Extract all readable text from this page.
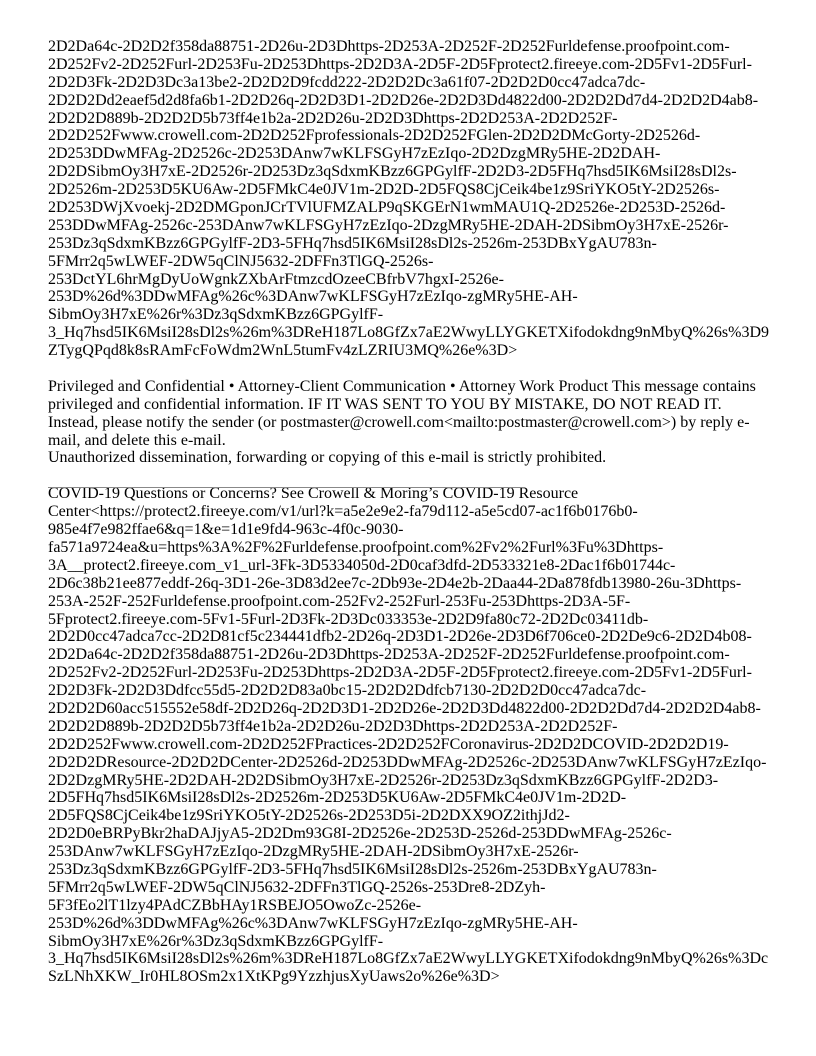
2D2Da64c-2D2D2f358da88751-2D26u-2D3Dhttps-2D253A-2D252F-2D252Furldefense.proofpoint.com-
2D252Fv2-2D252Furl-2D253Fu-2D253Dhttps-2D2D3A-2D5F-2D5Fprotect2.fireeye.com-2D5Fv1-2D5Furl-
2D2D3Fk-2D2D3Dc3a13be2-2D2D2D9fcdd222-2D2D2Dc3a61f07-2D2D2D0cc47adca7dc-
2D2D2Dd2eaef5d2d8fa6b1-2D2D26q-2D2D3D1-2D2D26e-2D2D3Dd4822d00-2D2D2Dd7d4-2D2D2D4ab8-
2D2D2D889b-2D2D2D5b73ff4e1b2a-2D2D26u-2D2D3Dhttps-2D2D253A-2D2D252F-
2D2D252Fwww.crowell.com-2D2D252Fprofessionals-2D2D252FGlen-2D2D2DMcGorty-2D2526d-
2D253DDwMFAg-2D2526c-2D253DAnw7wKLFSGyH7zEzIqo-2D2DzgMRy5HE-2D2DAH-
2D2DSibmOy3H7xE-2D2526r-2D253Dz3qSdxmKBzz6GPGylfF-2D2D3-2D5FHq7hsd5IK6MsiI28sDl2s-
2D2526m-2D253D5KU6Aw-2D5FMkC4e0JV1m-2D2D-2D5FQS8CjCeik4be1z9SriYKO5tY-2D2526s-
2D253DWjXvoekj-2D2DMGponJCrTVlUFMZALP9qSKGErN1wmMAU1Q-2D2526e-2D253D-2526d-
253DDwMFAg-2526c-253DAnw7wKLFSGyH7zEzIqo-2DzgMRy5HE-2DAH-2DSibmOy3H7xE-2526r-
253Dz3qSdxmKBzz6GPGylfF-2D3-5FHq7hsd5IK6MsiI28sDl2s-2526m-253DBxYgAU783n-
5FMrr2q5wLWEF-2DW5qClNJ5632-2DFFn3TlGQ-2526s-
253DctYL6hrMgDyUoWgnkZXbArFtmzcdOzeeCBfrbV7hgxI-2526e-
253D%26d%3DDwMFAg%26c%3DAnw7wKLFSGyH7zEzIqo-zgMRy5HE-AH-
SibmOy3H7xE%26r%3Dz3qSdxmKBzz6GPGylfF-
3_Hq7hsd5IK6MsiI28sDl2s%26m%3DReH187Lo8GfZx7aE2WwyLLYGKETXifodokdng9nMbyQ%26s%3D9
ZTygQPqd8k8sRAmFcFoWdm2WnL5tumFv4zLZRIU3MQ%26e%3D>
Privileged and Confidential • Attorney-Client Communication • Attorney Work Product This message contains
privileged and confidential information. IF IT WAS SENT TO YOU BY MISTAKE, DO NOT READ IT.
Instead, please notify the sender (or postmaster@crowell.com<mailto:postmaster@crowell.com>) by reply e-
mail, and delete this e-mail.
Unauthorized dissemination, forwarding or copying of this e-mail is strictly prohibited.
COVID-19 Questions or Concerns? See Crowell & Moring’s COVID-19 Resource
Center<https://protect2.fireeye.com/v1/url?k=a5e2e9e2-fa79d112-a5e5cd07-ac1f6b0176b0-
985e4f7e982ffae6&q=1&e=1d1e9fd4-963c-4f0c-9030-
fa571a9724ea&u=https%3A%2F%2Furldefense.proofpoint.com%2Fv2%2Furl%3Fu%3Dhttps-
3A__protect2.fireeye.com_v1_url-3Fk-3D5334050d-2D0caf3dfd-2D533321e8-2Dac1f6b01744c-
2D6c38b21ee877eddf-26q-3D1-26e-3D83d2ee7c-2Db93e-2D4e2b-2Daa44-2Da878fdb13980-26u-3Dhttps-
253A-252F-252Furldefense.proofpoint.com-252Fv2-252Furl-253Fu-253Dhttps-2D3A-5F-
5Fprotect2.fireeye.com-5Fv1-5Furl-2D3Fk-2D3Dc033353e-2D2D9fa80c72-2D2Dc03411db-
2D2D0cc47adca7cc-2D2D81cf5c234441dfb2-2D26q-2D3D1-2D26e-2D3D6f706ce0-2D2De9c6-2D2D4b08-
2D2Da64c-2D2D2f358da88751-2D26u-2D3Dhttps-2D253A-2D252F-2D252Furldefense.proofpoint.com-
2D252Fv2-2D252Furl-2D253Fu-2D253Dhttps-2D2D3A-2D5F-2D5Fprotect2.fireeye.com-2D5Fv1-2D5Furl-
2D2D3Fk-2D2D3Ddfcc55d5-2D2D2D83a0bc15-2D2D2Ddfcb7130-2D2D2D0cc47adca7dc-
2D2D2D60acc515552e58df-2D2D26q-2D2D3D1-2D2D26e-2D2D3Dd4822d00-2D2D2Dd7d4-2D2D2D4ab8-
2D2D2D889b-2D2D2D5b73ff4e1b2a-2D2D26u-2D2D3Dhttps-2D2D253A-2D2D252F-
2D2D252Fwww.crowell.com-2D2D252FPractices-2D2D252FCoronavirus-2D2D2DCOVID-2D2D2D19-
2D2D2DResource-2D2D2DCenter-2D2526d-2D253DDwMFAg-2D2526c-2D253DAnw7wKLFSGyH7zEzIqo-
2D2DzgMRy5HE-2D2DAH-2D2DSibmOy3H7xE-2D2526r-2D253Dz3qSdxmKBzz6GPGylfF-2D2D3-
2D5FHq7hsd5IK6MsiI28sDl2s-2D2526m-2D253D5KU6Aw-2D5FMkC4e0JV1m-2D2D-
2D5FQS8CjCeik4be1z9SriYKO5tY-2D2526s-2D253D5i-2D2DXX9OZ2ithjJd2-
2D2D0eBRPyBkr2haDAJjyA5-2D2Dm93G8I-2D2526e-2D253D-2526d-253DDwMFAg-2526c-
253DAnw7wKLFSGyH7zEzIqo-2DzgMRy5HE-2DAH-2DSibmOy3H7xE-2526r-
253Dz3qSdxmKBzz6GPGylfF-2D3-5FHq7hsd5IK6MsiI28sDl2s-2526m-253DBxYgAU783n-
5FMrr2q5wLWEF-2DW5qClNJ5632-2DFFn3TlGQ-2526s-253Dre8-2DZyh-
5F3fEo2lT1lzy4PAdCZBbHAy1RSBEJO5OwoZc-2526e-
253D%26d%3DDwMFAg%26c%3DAnw7wKLFSGyH7zEzIqo-zgMRy5HE-AH-
SibmOy3H7xE%26r%3Dz3qSdxmKBzz6GPGylfF-
3_Hq7hsd5IK6MsiI28sDl2s%26m%3DReH187Lo8GfZx7aE2WwyLLYGKETXifodokdng9nMbyQ%26s%3Dc
SzLNhXKW_Ir0HL8OSm2x1XtKPg9YzzhjusXyUaws2o%26e%3D>
